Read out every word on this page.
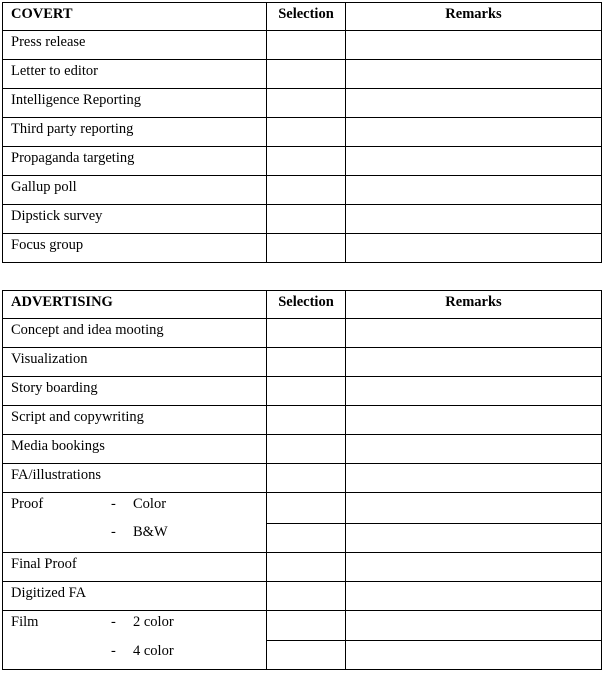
COVERT	Selection	Remarks
Press release		
Letter to editor		
Intelligence Reporting		
Third party reporting		
Propaganda targeting		
Gallup poll		
Dipstick survey		
Focus group		
ADVERTISING	Selection	Remarks
Concept and idea mooting		
Visualization		
Story boarding		
Script and copywriting		
Media bookings		
FA/illustrations		

Proof - Color
- B&W		

Final Proof		
Digitized FA		

Film - 2 color
- 4 color		
